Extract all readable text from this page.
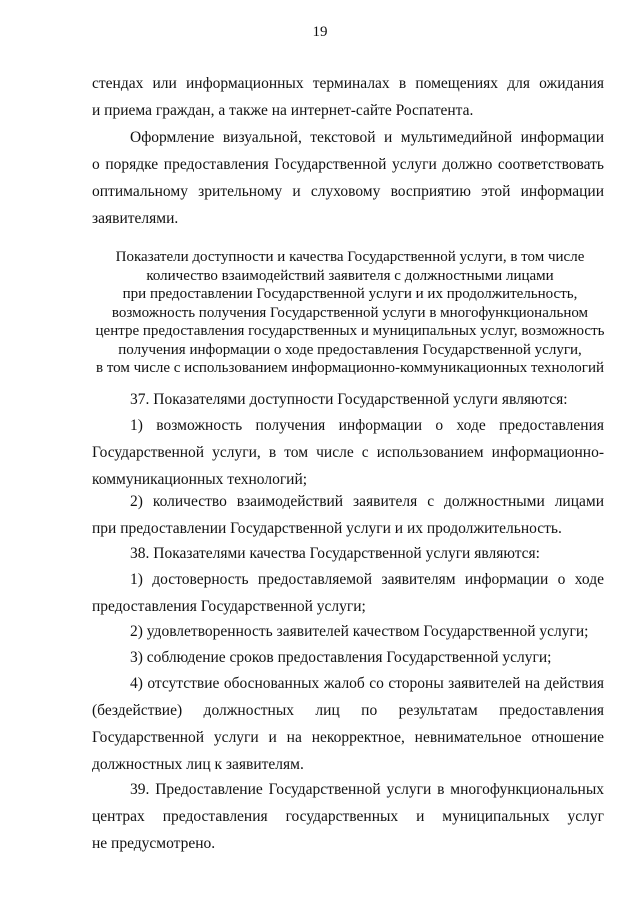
19
стендах или информационных терминалах в помещениях для ожидания
и приема граждан, а также на интернет-сайте Роспатента.
Оформление визуальной, текстовой и мультимедийной информации
о порядке предоставления Государственной услуги должно соответствовать
оптимальному зрительному и слуховому восприятию этой информации
заявителями.
Показатели доступности и качества Государственной услуги, в том числе
количество взаимодействий заявителя с должностными лицами
при предоставлении Государственной услуги и их продолжительность,
возможность получения Государственной услуги в многофункциональном
центре предоставления государственных и муниципальных услуг, возможность
получения информации о ходе предоставления Государственной услуги,
в том числе с использованием информационно-коммуникационных технологий
37. Показателями доступности Государственной услуги являются:
1) возможность получения информации о ходе предоставления
Государственной услуги, в том числе с использованием информационно-
коммуникационных технологий;
2) количество взаимодействий заявителя с должностными лицами
при предоставлении Государственной услуги и их продолжительность.
38. Показателями качества Государственной услуги являются:
1) достоверность предоставляемой заявителям информации о ходе
предоставления Государственной услуги;
2) удовлетворенность заявителей качеством Государственной услуги;
3) соблюдение сроков предоставления Государственной услуги;
4) отсутствие обоснованных жалоб со стороны заявителей на действия
(бездействие) должностных лиц по результатам предоставления
Государственной услуги и на некорректное, невнимательное отношение
должностных лиц к заявителям.
39. Предоставление Государственной услуги в многофункциональных
центрах предоставления государственных и муниципальных услуг
не предусмотрено.
